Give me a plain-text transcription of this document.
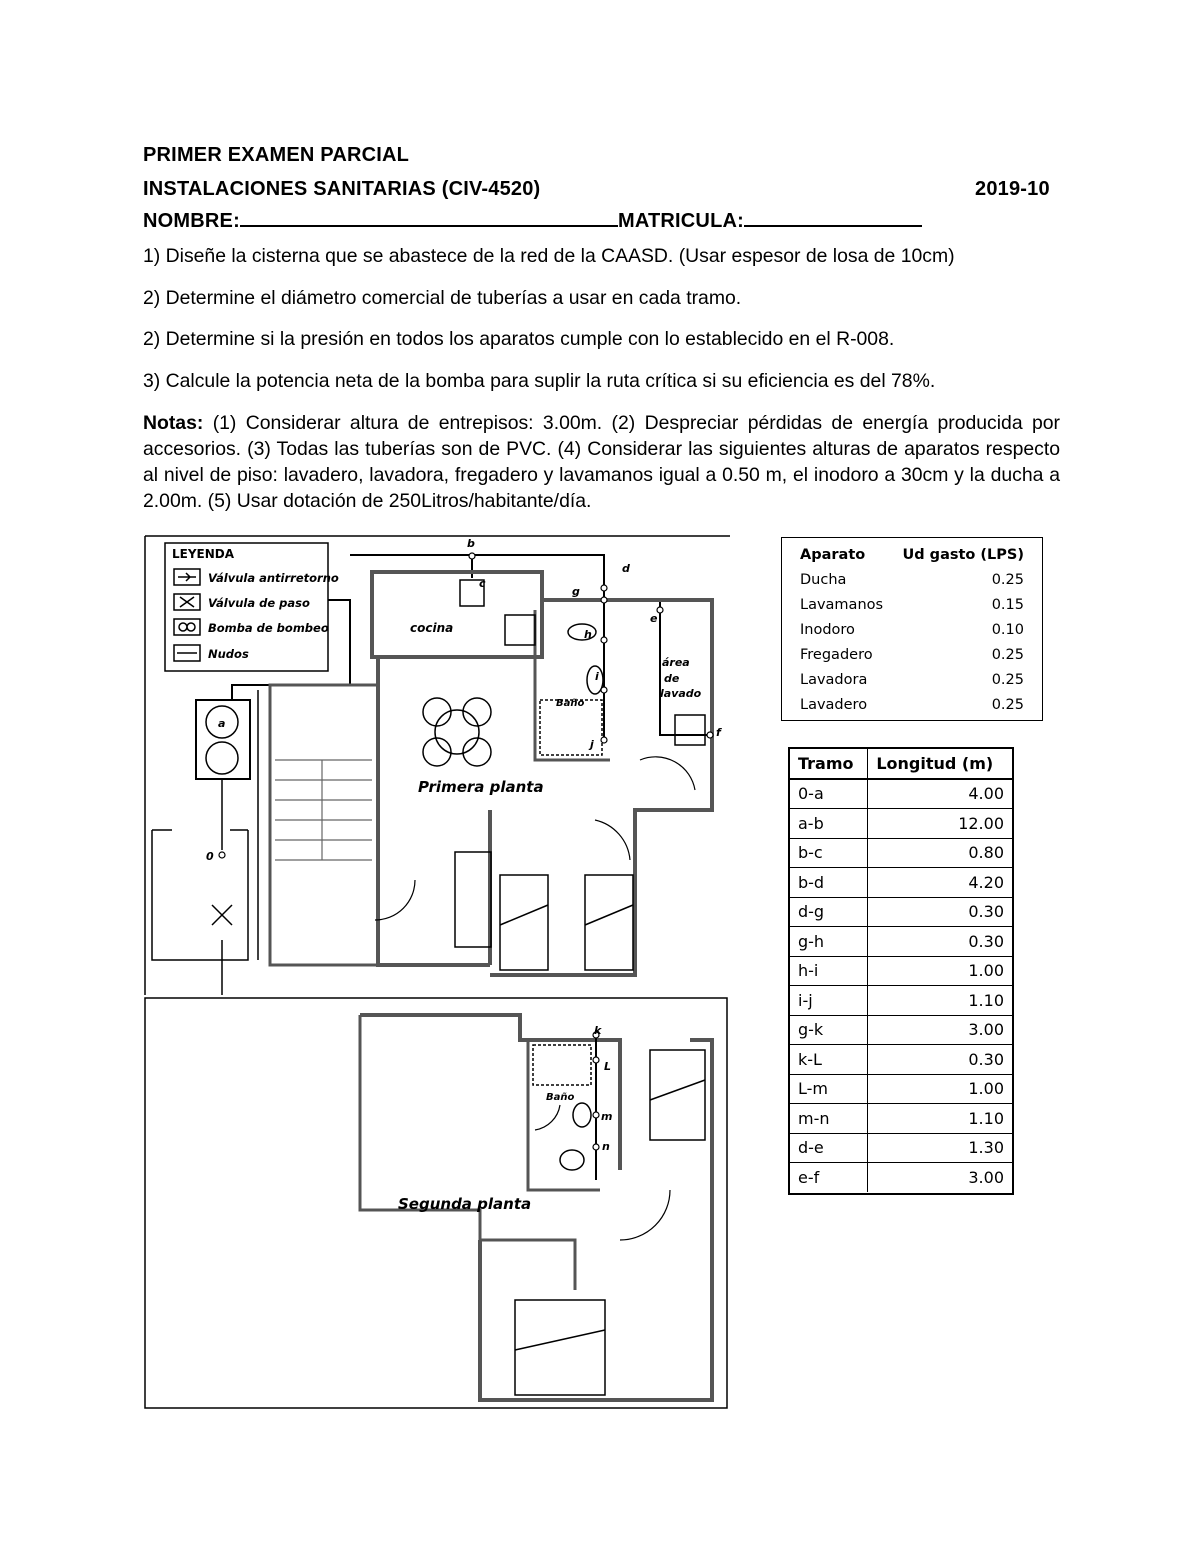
PRIMER EXAMEN PARCIAL
INSTALACIONES SANITARIAS (CIV-4520)	2019-10
NOMBRE:	MATRICULA:
1) Diseñe la cisterna que se abastece de la red de la CAASD. (Usar espesor de losa de 10cm)
2) Determine el diámetro comercial de tuberías a usar en cada tramo.
2) Determine si la presión en todos los aparatos cumple con lo establecido en el R-008.
3) Calcule la potencia neta de la bomba para suplir la ruta crítica si su eficiencia es del 78%.
Notas: (1) Considerar altura de entrepisos: 3.00m. (2) Despreciar pérdidas de energía producida por accesorios. (3) Todas las tuberías son de PVC. (4) Considerar las siguientes alturas de aparatos respecto al nivel de piso: lavadero, lavadora, fregadero y lavamanos igual a 0.50 m, el inodoro a 30cm y la ducha a 2.00m. (5) Usar dotación de 250Litros/habitante/día.
LEYENDA
Válvula antirretorno
Válvula de paso
Bomba de bombeo
Nudos
cocina
Baño
área
de
lavado
Primera planta
Segunda planta
Baño
0
a
b
c
d
e
f
g
h
i
j
k
L
m
n
Aparato	Ud gasto (LPS)
Ducha	0.25
Lavamanos	0.15
Inodoro	0.10
Fregadero	0.25
Lavadora	0.25
Lavadero	0.25
Tramo	Longitud (m)
0-a	4.00
a-b	12.00
b-c	0.80
b-d	4.20
d-g	0.30
g-h	0.30
h-i	1.00
i-j	1.10
g-k	3.00
k-L	0.30
L-m	1.00
m-n	1.10
d-e	1.30
e-f	3.00
